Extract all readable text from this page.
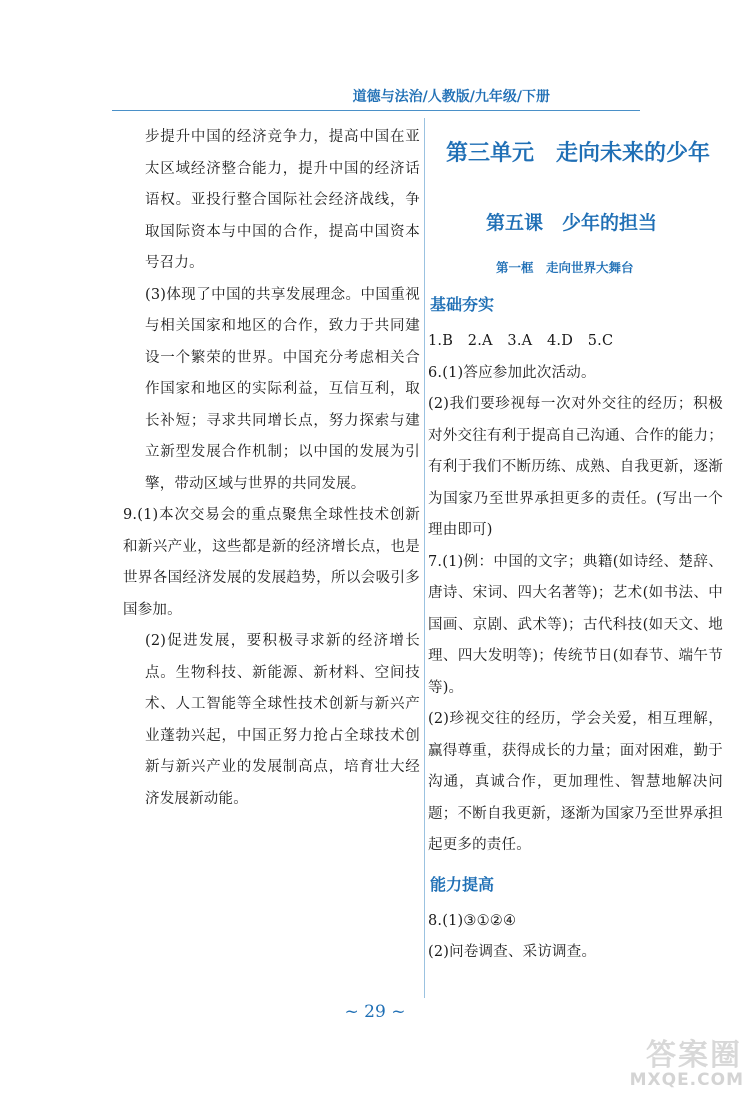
道德与法治/人教版/九年级/下册

步提升中国的经济竞争力，提高中国在亚太区域经济整合能力，提升中国的经济话语权。亚投行整合国际社会经济战线，争取国际资本与中国的合作，提高中国资本号召力。

(3)体现了中国的共享发展理念。中国重视与相关国家和地区的合作，致力于共同建设一个繁荣的世界。中国充分考虑相关合作国家和地区的实际利益，互信互利，取长补短；寻求共同增长点，努力探索与建立新型发展合作机制；以中国的发展为引擎，带动区域与世界的共同发展。

9.(1)本次交易会的重点聚焦全球性技术创新和新兴产业，这些都是新的经济增长点，也是世界各国经济发展的发展趋势，所以会吸引多国参加。

(2)促进发展，要积极寻求新的经济增长点。生物科技、新能源、新材料、空间技术、人工智能等全球性技术创新与新兴产业蓬勃兴起，中国正努力抢占全球技术创新与新兴产业的发展制高点，培育壮大经济发展新动能。

第三单元　走向未来的少年
第五课　少年的担当
第一框　走向世界大舞台
基础夯实

1.B　2.A　3.A　4.D　5.C

6.(1)答应参加此次活动。

(2)我们要珍视每一次对外交往的经历；积极对外交往有利于提高自己沟通、合作的能力；有利于我们不断历练、成熟、自我更新，逐渐为国家乃至世界承担更多的责任。(写出一个理由即可)

7.(1)例：中国的文字；典籍(如诗经、楚辞、唐诗、宋词、四大名著等)；艺术(如书法、中国画、京剧、武术等)；古代科技(如天文、地理、四大发明等)；传统节日(如春节、端午节等)。

(2)珍视交往的经历，学会关爱，相互理解，赢得尊重，获得成长的力量；面对困难，勤于沟通，真诚合作，更加理性、智慧地解决问题；不断自我更新，逐渐为国家乃至世界承担起更多的责任。

能力提高

8.(1)③①②④

(2)问卷调查、采访调查。

~ 29 ~
答案圈
MXQE.COM
